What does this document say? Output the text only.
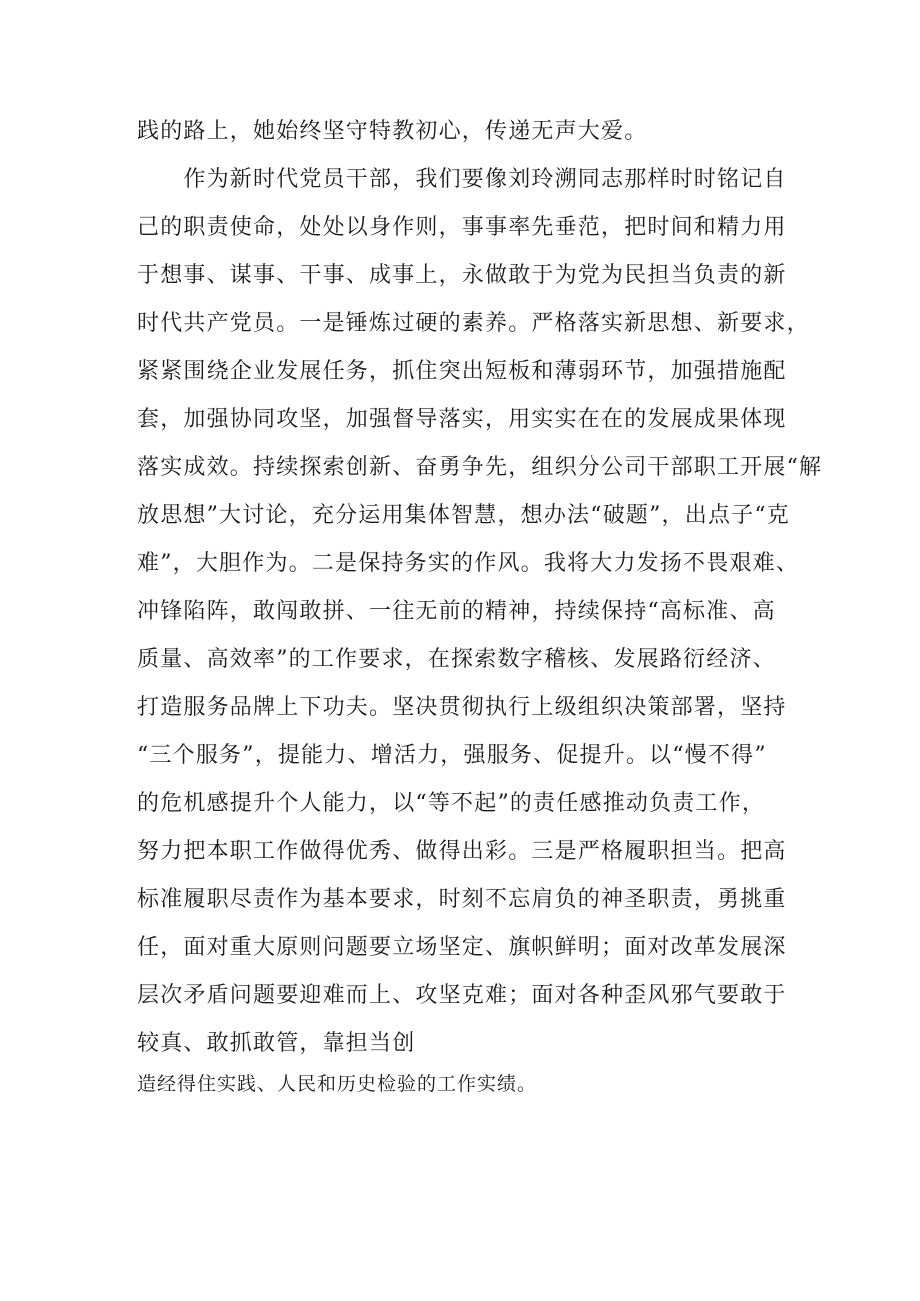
践的路上，她始终坚守特教初心，传递无声大爱。
　　作为新时代党员干部，我们要像刘玲溯同志那样时时铭记自
己的职责使命，处处以身作则，事事率先垂范，把时间和精力用
于想事、谋事、干事、成事上，永做敢于为党为民担当负责的新
时代共产党员。一是锤炼过硬的素养。严格落实新思想、新要求，
紧紧围绕企业发展任务，抓住突出短板和薄弱环节，加强措施配
套，加强协同攻坚，加强督导落实，用实实在在的发展成果体现
落实成效。持续探索创新、奋勇争先，组织分公司干部职工开展“解
放思想”大讨论，充分运用集体智慧，想办法“破题”，出点子“克
难”，大胆作为。二是保持务实的作风。我将大力发扬不畏艰难、
冲锋陷阵，敢闯敢拼、一往无前的精神，持续保持“高标准、高
质量、高效率”的工作要求，在探索数字稽核、发展路衍经济、
打造服务品牌上下功夫。坚决贯彻执行上级组织决策部署，坚持
“三个服务”，提能力、增活力，强服务、促提升。以“慢不得”
的危机感提升个人能力，以“等不起”的责任感推动负责工作，
努力把本职工作做得优秀、做得出彩。三是严格履职担当。把高
标准履职尽责作为基本要求，时刻不忘肩负的神圣职责，勇挑重
任，面对重大原则问题要立场坚定、旗帜鲜明；面对改革发展深
层次矛盾问题要迎难而上、攻坚克难；面对各种歪风邪气要敢于
较真、敢抓敢管，靠担当创
造经得住实践、人民和历史检验的工作实绩。
